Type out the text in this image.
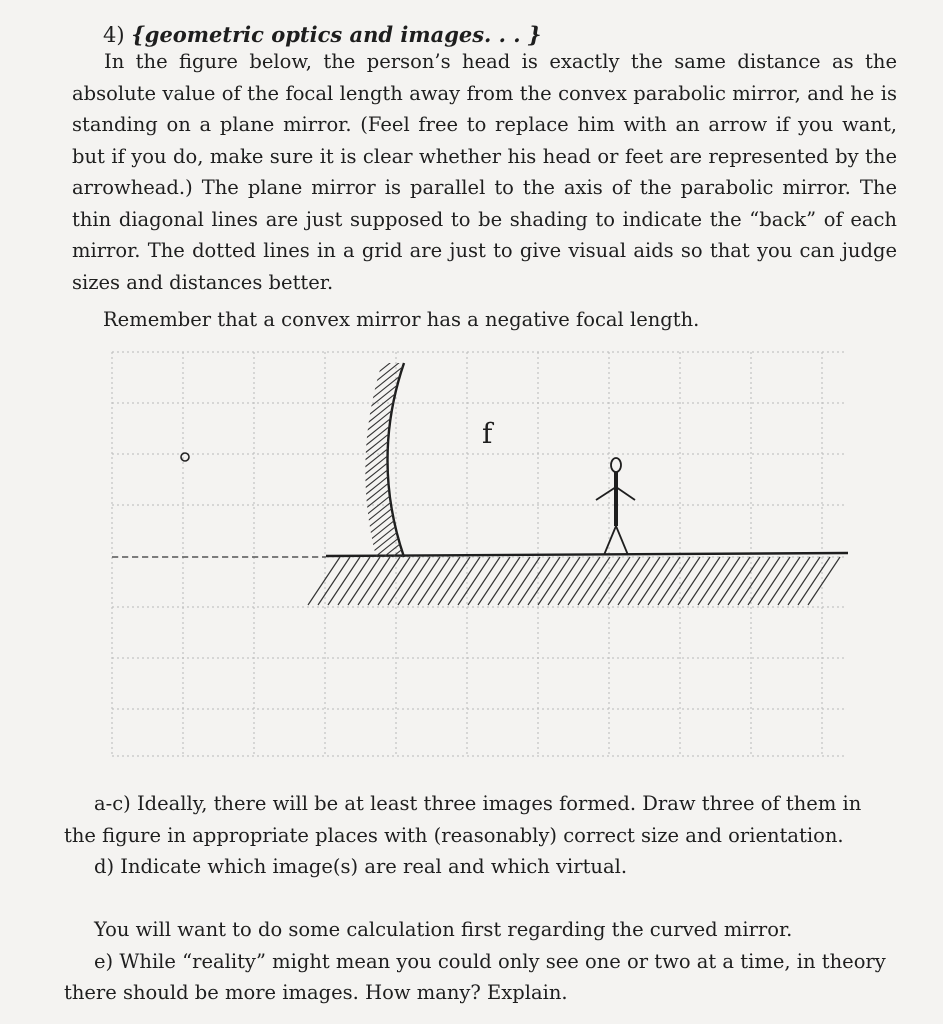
4) {geometric optics and images. . . }

In the figure below, the person’s head is exactly the same distance as the absolute value of the focal length away from the convex parabolic mirror, and he is standing on a plane mirror. (Feel free to replace him with an arrow if you want, but if you do, make sure it is clear whether his head or feet are represented by the arrowhead.) The plane mirror is parallel to the axis of the parabolic mirror. The thin diagonal lines are just supposed to be shading to indicate the “back” of each mirror. The dotted lines in a grid are just to give visual aids so that you can judge sizes and distances better.

Remember that a convex mirror has a negative focal length.

f
a-c) Ideally, there will be at least three images formed. Draw three of them in
the figure in appropriate places with (reasonably) correct size and orientation.
d) Indicate which image(s) are real and which virtual.
You will want to do some calculation first regarding the curved mirror.
e) While “reality” might mean you could only see one or two at a time, in theory
there should be more images. How many? Explain.
